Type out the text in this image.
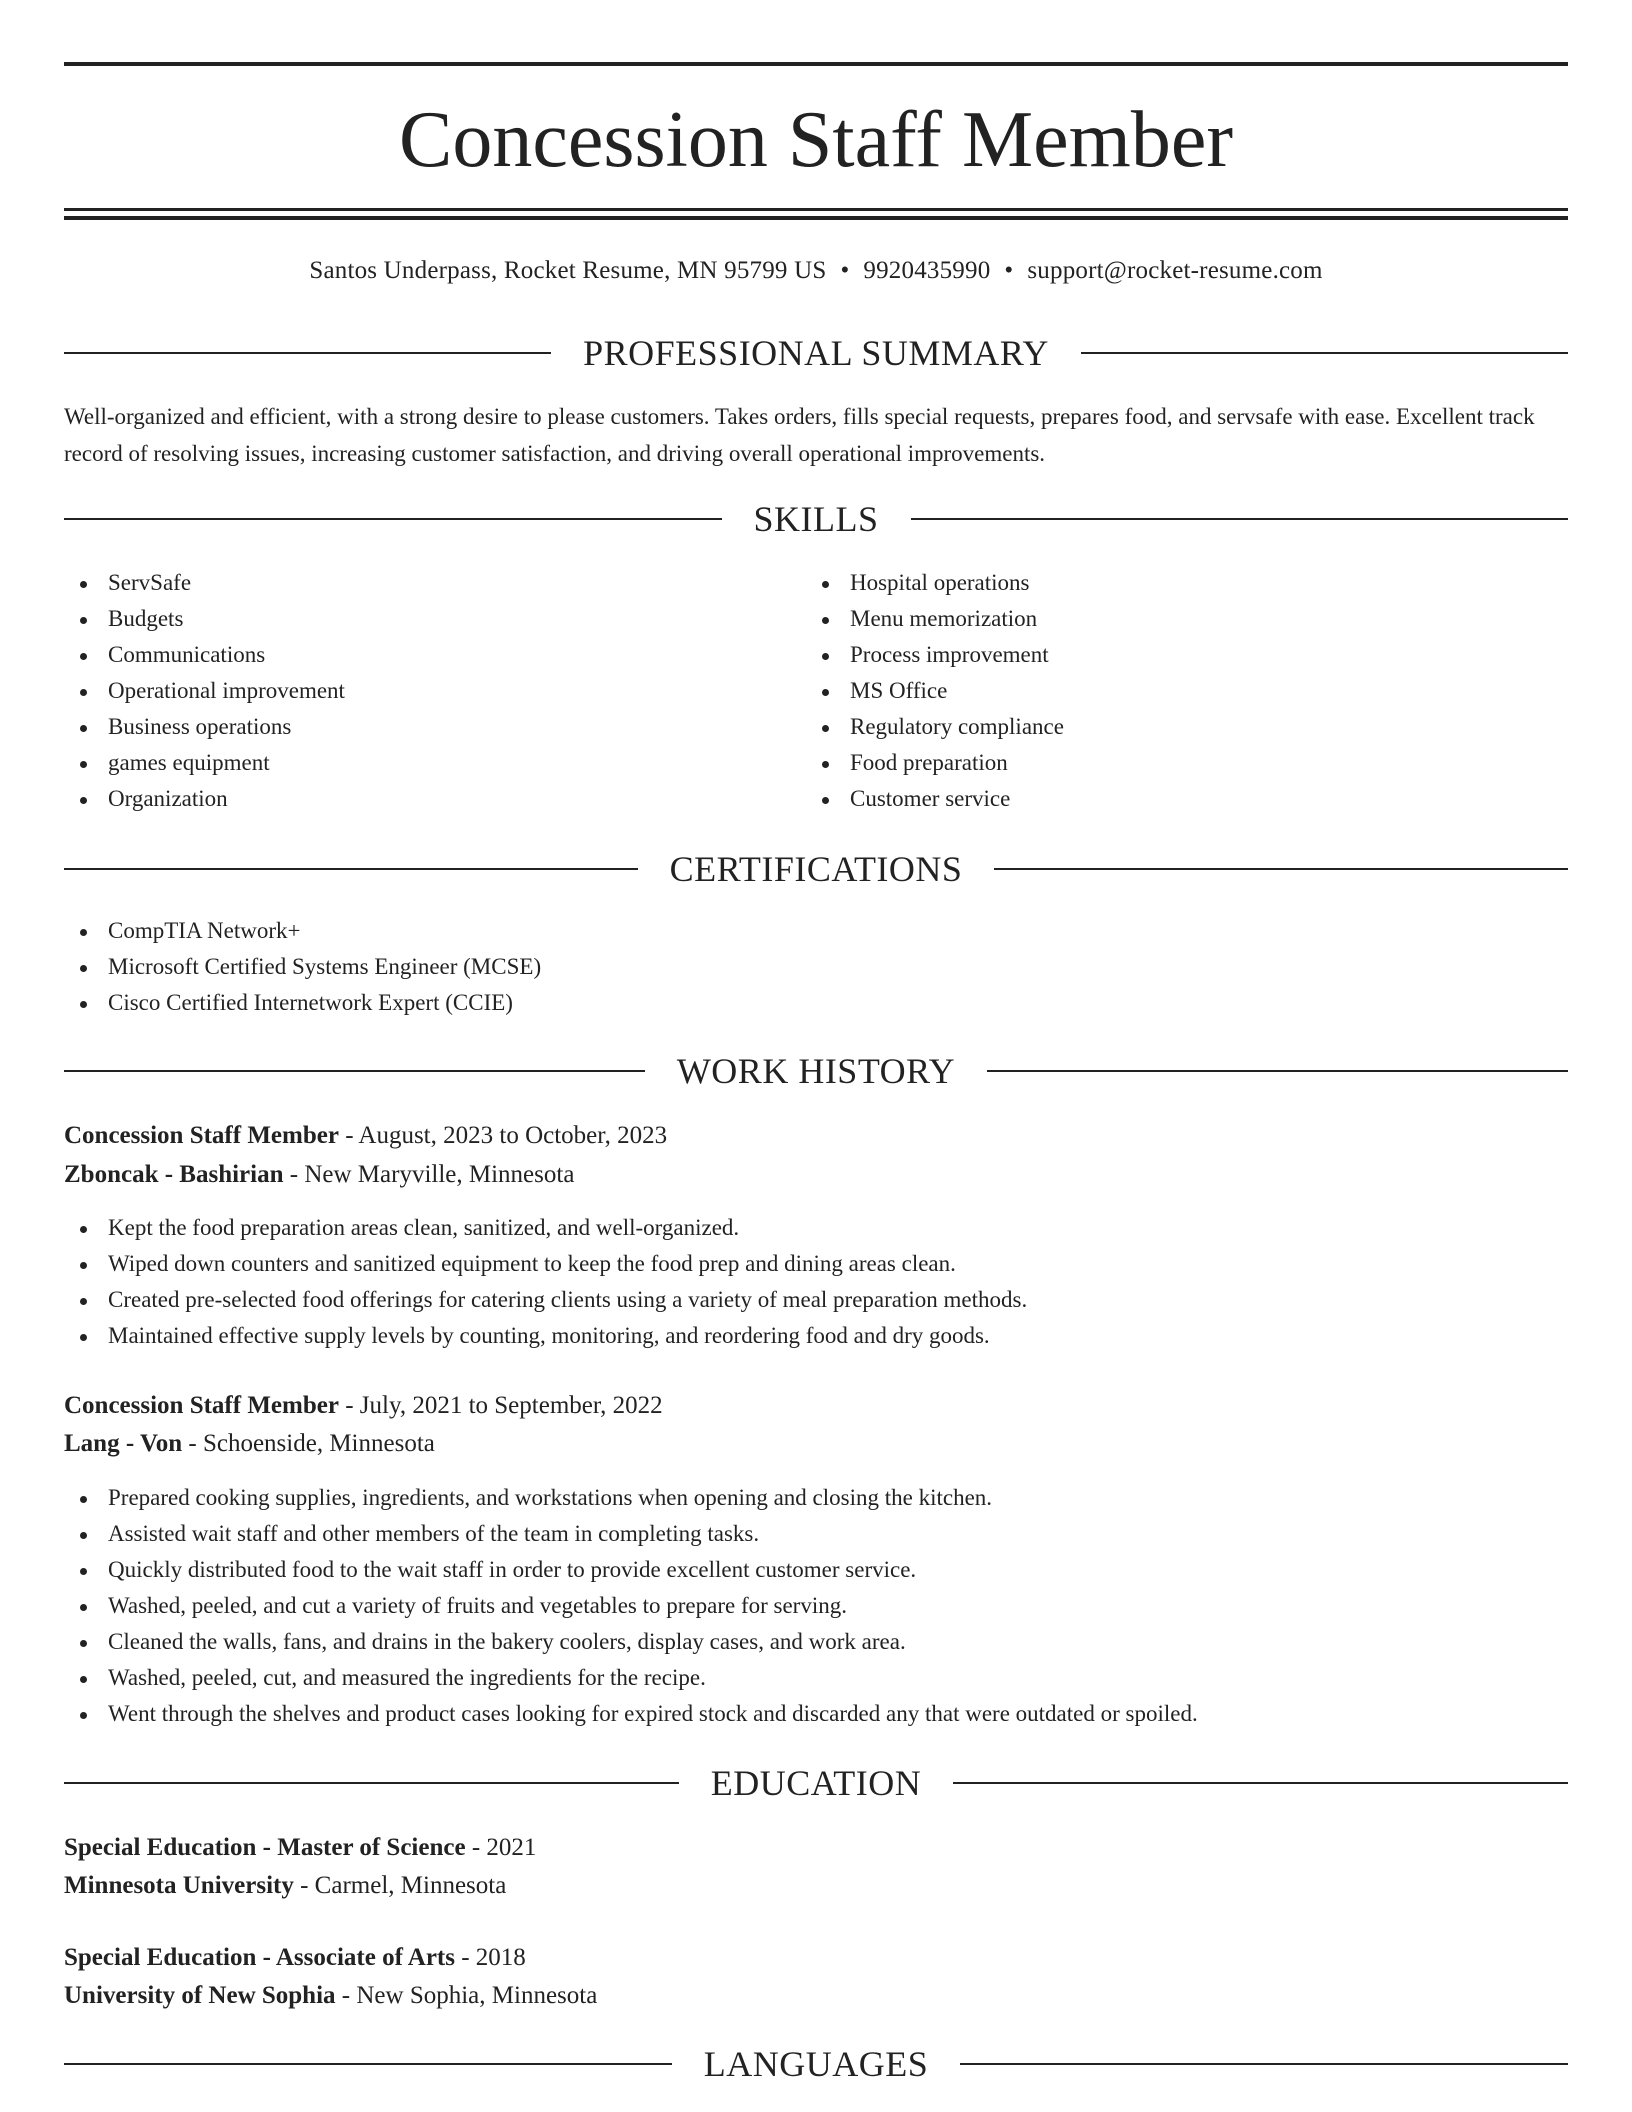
Concession Staff Member
Santos Underpass, Rocket Resume, MN 95799 US • 9920435990 • support@rocket-resume.com
PROFESSIONAL SUMMARY

Well-organized and efficient, with a strong desire to please customers. Takes orders, fills special requests, prepares food, and servsafe with ease. Excellent track record of resolving issues, increasing customer satisfaction, and driving overall operational improvements.

SKILLS
ServSafe
Budgets
Communications
Operational improvement
Business operations
games equipment
Organization
Hospital operations
Menu memorization
Process improvement
MS Office
Regulatory compliance
Food preparation
Customer service
CERTIFICATIONS
CompTIA Network+
Microsoft Certified Systems Engineer (MCSE)
Cisco Certified Internetwork Expert (CCIE)
WORK HISTORY
Concession Staff Member - August, 2023 to October, 2023
Zboncak - Bashirian - New Maryville, Minnesota
Kept the food preparation areas clean, sanitized, and well-organized.
Wiped down counters and sanitized equipment to keep the food prep and dining areas clean.
Created pre-selected food offerings for catering clients using a variety of meal preparation methods.
Maintained effective supply levels by counting, monitoring, and reordering food and dry goods.
Concession Staff Member - July, 2021 to September, 2022
Lang - Von - Schoenside, Minnesota
Prepared cooking supplies, ingredients, and workstations when opening and closing the kitchen.
Assisted wait staff and other members of the team in completing tasks.
Quickly distributed food to the wait staff in order to provide excellent customer service.
Washed, peeled, and cut a variety of fruits and vegetables to prepare for serving.
Cleaned the walls, fans, and drains in the bakery coolers, display cases, and work area.
Washed, peeled, cut, and measured the ingredients for the recipe.
Went through the shelves and product cases looking for expired stock and discarded any that were outdated or spoiled.
EDUCATION
Special Education - Master of Science - 2021
Minnesota University - Carmel, Minnesota
Special Education - Associate of Arts - 2018
University of New Sophia - New Sophia, Minnesota
LANGUAGES
